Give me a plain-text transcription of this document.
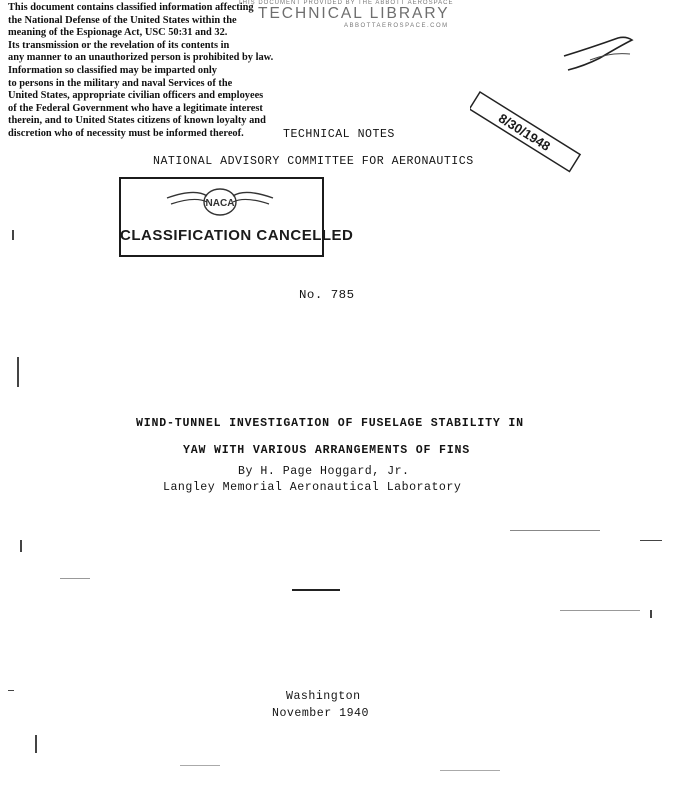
This document contains classified information affecting
the National Defense of the United States within the
meaning of the Espionage Act, USC 50:31 and 32.
Its transmission or the revelation of its contents in
any manner to an unauthorized person is prohibited by law.
Information so classified may be imparted only
to persons in the military and naval Services of the
United States, appropriate civilian officers and employees
of the Federal Government who have a legitimate interest
therein, and to United States citizens of known loyalty and
discretion who of necessity must be informed thereof.
THIS DOCUMENT PROVIDED BY THE ABBOTT AEROSPACE
TECHNICAL LIBRARY
ABBOTTAEROSPACE.COM
8/30/1948
TECHNICAL NOTES
NATIONAL ADVISORY COMMITTEE FOR AERONAUTICS
NACA
CLASSIFICATION CANCELLED
No. 785
WIND-TUNNEL INVESTIGATION OF FUSELAGE STABILITY IN
YAW WITH VARIOUS ARRANGEMENTS OF FINS
By H. Page Hoggard, Jr.
Langley Memorial Aeronautical Laboratory
Washington
November 1940
